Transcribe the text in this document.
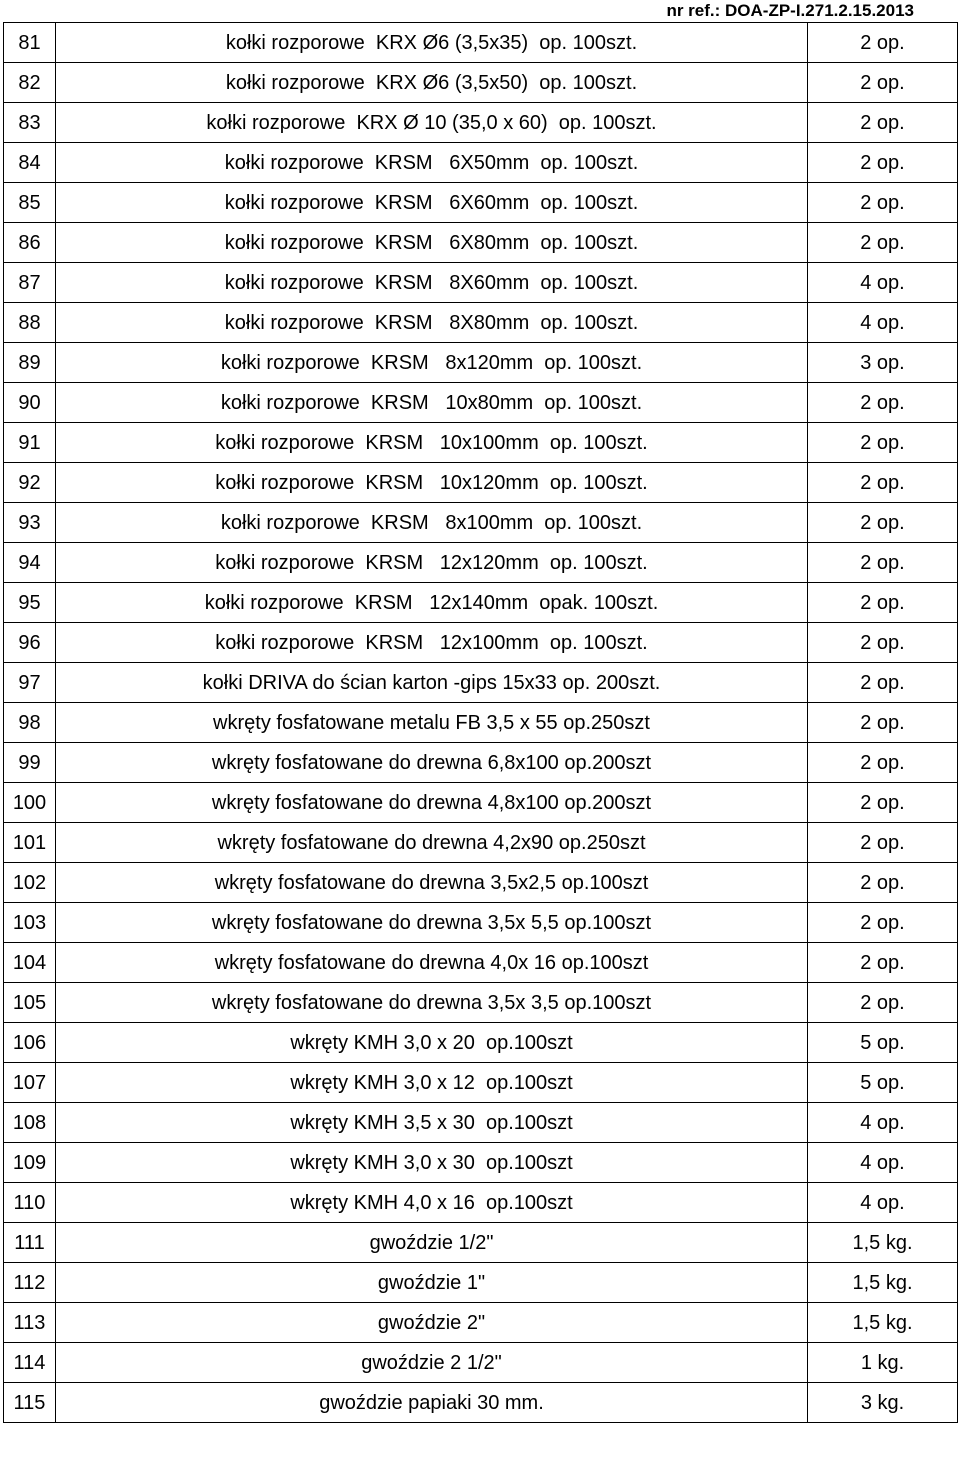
nr ref.: DOA-ZP-I.271.2.15.2013
81	kołki rozporowe  KRX Ø6 (3,5x35)  op. 100szt.	2 op.
82	kołki rozporowe  KRX Ø6 (3,5x50)  op. 100szt.	2 op.
83	kołki rozporowe  KRX Ø 10 (35,0 x 60)  op. 100szt.	2 op.
84	kołki rozporowe  KRSM   6X50mm  op. 100szt.	2 op.
85	kołki rozporowe  KRSM   6X60mm  op. 100szt.	2 op.
86	kołki rozporowe  KRSM   6X80mm  op. 100szt.	2 op.
87	kołki rozporowe  KRSM   8X60mm  op. 100szt.	4 op.
88	kołki rozporowe  KRSM   8X80mm  op. 100szt.	4 op.
89	kołki rozporowe  KRSM   8x120mm  op. 100szt.	3 op.
90	kołki rozporowe  KRSM   10x80mm  op. 100szt.	2 op.
91	kołki rozporowe  KRSM   10x100mm  op. 100szt.	2 op.
92	kołki rozporowe  KRSM   10x120mm  op. 100szt.	2 op.
93	kołki rozporowe  KRSM   8x100mm  op. 100szt.	2 op.
94	kołki rozporowe  KRSM   12x120mm  op. 100szt.	2 op.
95	kołki rozporowe  KRSM   12x140mm  opak. 100szt.	2 op.
96	kołki rozporowe  KRSM   12x100mm  op. 100szt.	2 op.
97	kołki DRIVA do ścian karton -gips 15x33 op. 200szt.	2 op.
98	wkręty fosfatowane metalu FB 3,5 x 55 op.250szt	2 op.
99	wkręty fosfatowane do drewna 6,8x100 op.200szt	2 op.
100	wkręty fosfatowane do drewna 4,8x100 op.200szt	2 op.
101	wkręty fosfatowane do drewna 4,2x90 op.250szt	2 op.
102	wkręty fosfatowane do drewna 3,5x2,5 op.100szt	2 op.
103	wkręty fosfatowane do drewna 3,5x 5,5 op.100szt	2 op.
104	wkręty fosfatowane do drewna 4,0x 16 op.100szt	2 op.
105	wkręty fosfatowane do drewna 3,5x 3,5 op.100szt	2 op.
106	wkręty KMH 3,0 x 20  op.100szt	5 op.
107	wkręty KMH 3,0 x 12  op.100szt	5 op.
108	wkręty KMH 3,5 x 30  op.100szt	4 op.
109	wkręty KMH 3,0 x 30  op.100szt	4 op.
110	wkręty KMH 4,0 x 16  op.100szt	4 op.
111	gwoździe 1/2"	1,5 kg.
112	gwoździe 1"	1,5 kg.
113	gwoździe 2"	1,5 kg.
114	gwoździe 2 1/2"	1 kg.
115	gwoździe papiaki 30 mm.	3 kg.
